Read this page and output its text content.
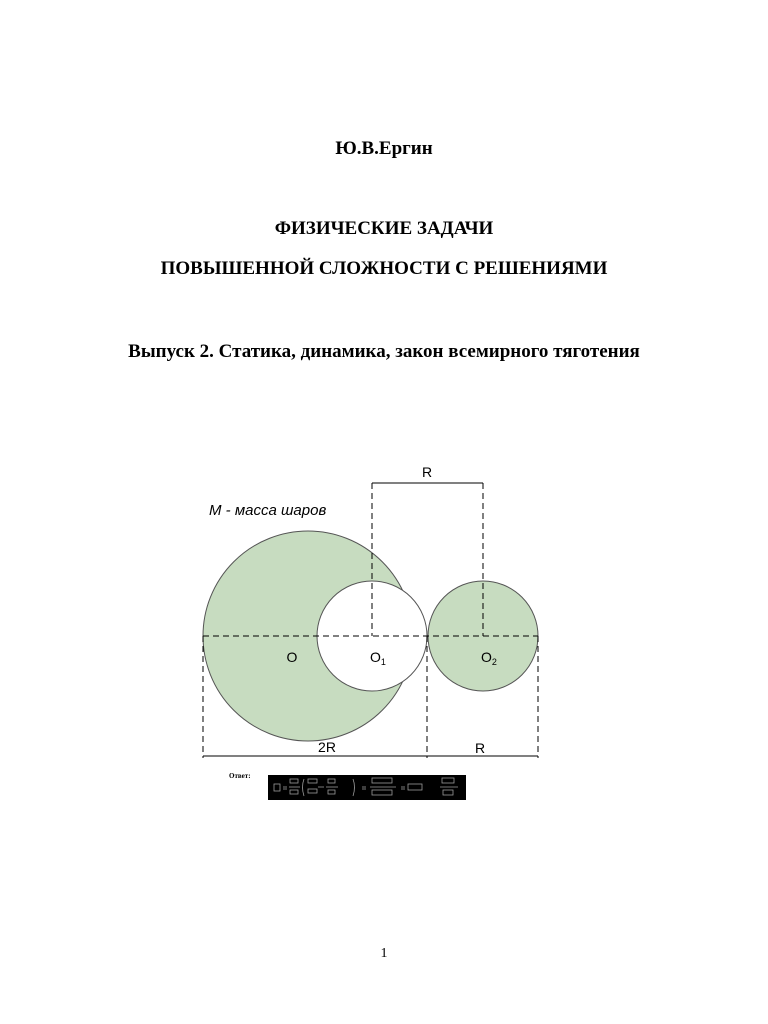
Ю.В.Ергин
ФИЗИЧЕСКИЕ ЗАДАЧИ
ПОВЫШЕННОЙ СЛОЖНОСТИ С РЕШЕНИЯМИ
Выпуск 2. Статика, динамика, закон всемирного тяготения
M - масса шаров
R
O	$O_1$	$O_2$
2R	R
Ответ:
1
